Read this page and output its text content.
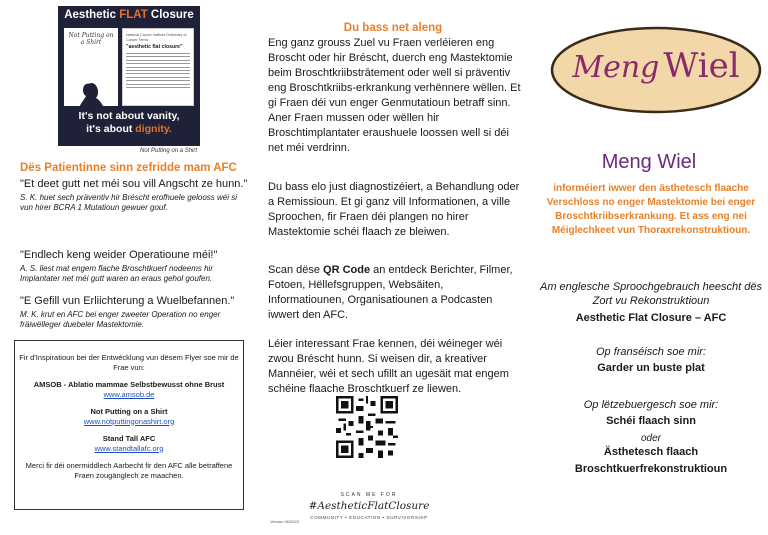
Aesthetic FLAT Closure
Not Putting on a Shirt
National Cancer Institute Dictionary of Cancer Terms
"aesthetic flat closure"
It's not about vanity,
it's about dignity.
Not Putting on a Shirt
Dës Patientinne sinn zefridde mam AFC
"Et deet gutt net méi sou vill Angscht ze hunn."
S. K. huet sech präventiv hir Bréscht erofhuele gelooss wéi si vun hirer BCRA 1 Mutatioun gewuer gouf.
"Endlech keng weider Operatioune méi!"
A. S. liest mat engem flache Broschtkuerf nodeems hir Implantater net méi gutt waren an eraus gehol goufen.
"E Gefill vun Erliichterung a Wuelbefannen."
M. K. krut en AFC bei enger zweeter Operation no enger fräiwëlleger duebeler Mastektomie.
Fir d'Inspiratioun bei der Entwécklung vun dësem Flyer soe mir de Frae vun:
AMSOB - Ablatio mammae Selbstbewusst ohne Brust
www.amsob.de
Not Putting on a Shirt
www.notputtingonashirt.org
Stand Tall AFC
www.standtallafc.org
Merci fir déi onermiddlech Aarbecht fir den AFC alle betraffene Fraen zougänglech ze maachen.
Du bass net aleng
Eng ganz grouss Zuel vu Fraen verléieren eng Broscht oder hir Bréscht, duerch eng Mastektomie beim Broschtkriibstrātement oder well si präventiv eng Broschtkriibs-erkrankung verhënnere wëllen. Et gi Fraen déi vun enger Genmutatioun betraff sinn. Aner Fraen mussen oder wëllen hir Broschtimplantater eraushuele loossen well si déi net méi verdrinn.
Du bass elo just diagnostizéiert, a Behandlung oder a Remissioun. Et gi ganz vill Informationen, a ville Sproochen, fir Fraen déi plangen no hirer Mastektomie schéi flaach ze bleiwen.
Scan dëse QR Code an entdeck Berichter, Filmer, Fotoen, Hëllefsgruppen, Websäiten, Informatiounen, Organisatiounen a Podcasten iwwert den AFC.
Léier interessant Frae kennen, déi wéineger wéi zwou Bréscht hunn. Si weisen dir, a kreativer Mannéier, wéi et sech ufillt an ugesäit mat engem schéine flaache Broschtkuerf ze liewen.
SCAN ME FOR
#AestheticFlatClosure
COMMUNITY • EDUCATION • SURVIVORSHIP
Version 06/2023
Meng Wiel
Meng Wiel
informéiert iwwer den ästhetesch flaache Verschloss no enger Mastektomie bei enger Broschtkriibserkrankung. Et ass eng nei Méiglechkeet vun Thoraxrekonstruktioun.
Am englesche Sproochgebrauch heescht dës Zort vu Rekonstruktioun
Aesthetic Flat Closure – AFC
Op franséisch soe mir:
Garder un buste plat
Op lëtzebuergesch soe mir:
Schéi flaach sinn
oder
Ästhetesch flaach
Broschtkuerfrekonstruktioun
